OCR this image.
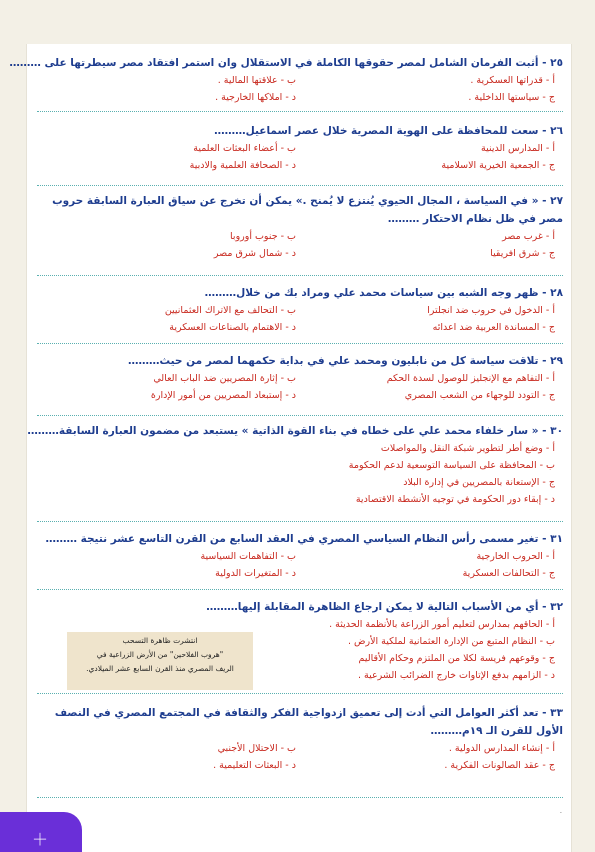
٢٥ - أثبت الفرمان الشامل لمصر حقوقها الكاملة في الاستقلال وان استمر افتقاد مصر سيطرتها على ………
أ - قدراتها العسكرية .
ب - علاقتها المالية .
ج - سياستها الداخلية .
د - املاكها الخارجية .
٢٦ - سعت للمحافظة على الهوية المصرية خلال عصر اسماعيل………
أ - المدارس الدينية
ب - أعضاء البعثات العلمية
ج - الجمعية الخيرية الاسلامية
د - الصحافة العلمية والادبية
٢٧ - « في السياسة ، المجال الحيوي يُنتزع لا يُمنح .» يمكن أن تخرج عن سياق العبارة السابقة حروب مصر في ظل نظام الاحتكار ………
أ - غرب مصر
ب - جنوب أوروبا
ج - شرق افريقيا
د - شمال شرق مصر
٢٨ - ظهر وجه الشبه بين سياسات محمد علي ومراد بك من خلال………
أ - الدخول في حروب ضد انجلترا
ب - التحالف مع الاتراك العثمانيين
ج - المساندة العربية ضد اعدائه
د - الاهتمام بالصناعات العسكرية
٢٩ - تلاقت سياسة كل من نابليون ومحمد علي في بداية حكمهما لمصر من حيث………
أ - التفاهم مع الإنجليز للوصول لسدة الحكم
ب - إثارة المصريين ضد الباب العالي
ج - التودد للوجهاء من الشعب المصري
د - إستبعاد المصريين من أمور الإدارة
٣٠ - « سار خلفاء محمد علي على خطاه في بناء القوة الذاتية » يستبعد من مضمون العبارة السابقة………
أ - وضع أطر لتطوير شبكة النقل والمواصلات
ب - المحافظة على السياسة التوسعية لدعم الحكومة
ج - الإستعانة بالمصريين في إدارة البلاد
د - إبقاء دور الحكومة في توجيه الأنشطة الاقتصادية
٣١ - تغير مسمى رأس النظام السياسي المصري في العقد السابع من القرن التاسع عشر نتيجة ………
أ - الحروب الخارجية
ب - التفاهمات السياسية
ج - التحالفات العسكرية
د - المتغيرات الدولية
٣٢ - أي من الأسباب التالية لا يمكن ارجاع الظاهرة المقابلة إليها………
أ - الحاقهم بمدارس لتعليم أمور الزراعة بالأنظمة الحديثة .
ب - النظام المتبع من الإدارة العثمانية لملكية الأرض .
ج - وقوعهم فريسة لكلا من الملتزم وحكام الأقاليم
د - الزامهم بدفع الإتاوات خارج الضرائب الشرعية .
انتشرت ظاهرة التسحب
"هروب الفلاحين" من الأرض الزراعية في
الريف المصري منذ القرن السابع عشر الميلادي.
٣٣ - تعد أكثر العوامل التي أدت إلى تعميق ازدواجية الفكر والثقافة في المجتمع المصري في النصف الأول للقرن الـ ١٩م………
أ - إنشاء المدارس الدولية .
ب - الاحتلال الأجنبي
ج - عقد الصالونات الفكرية .
د - البعثات التعليمية .
٠
＋
